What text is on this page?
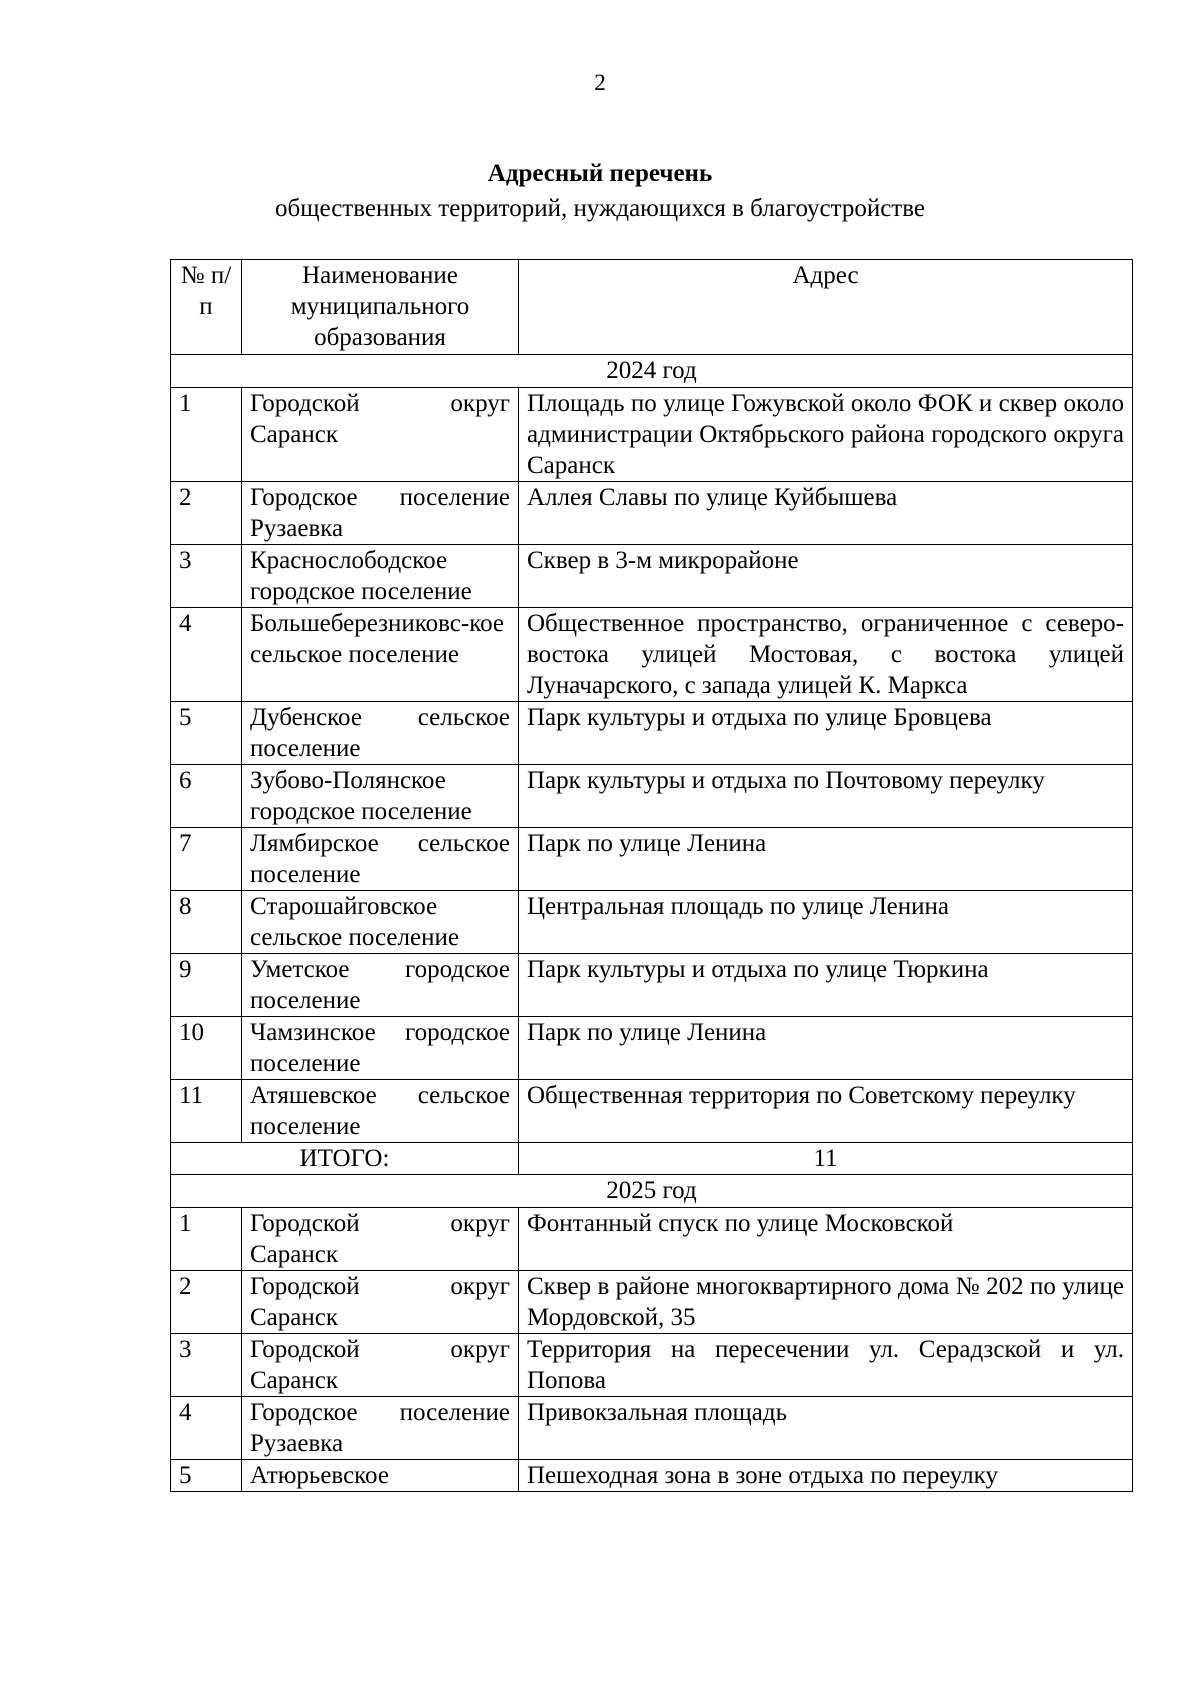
2
Адресный перечень
общественных территорий, нуждающихся в благоустройстве
№ п/п	Наименование муниципального образования	Адрес
2024 год		
1	Городской округ Саранск	Площадь по улице Гожувской около ФОК и сквер около администрации Октябрьского района городского округа Саранск
2	Городское поселение Рузаевка	Аллея Славы по улице Куйбышева
3	Краснослободское городское поселение	Сквер в 3-м микрорайоне
4	Большеберезниковс-кое сельское поселение	Общественное пространство, ограниченное с северо-востока улицей Мостовая, с востока улицей Луначарского, с запада улицей К. Маркса
5	Дубенское сельское поселение	Парк культуры и отдыха по улице Бровцева
6	Зубово-Полянское городское поселение	Парк культуры и отдыха по Почтовому переулку
7	Лямбирское сельское поселение	Парк по улице Ленина
8	Старошайговское сельское поселение	Центральная площадь по улице Ленина
9	Уметское городское поселение	Парк культуры и отдыха по улице Тюркина
10	Чамзинское городское поселение	Парк по улице Ленина
11	Атяшевское сельское поселение	Общественная территория по Советскому переулку
ИТОГО:		11
2025 год		
1	Городской округ Саранск	Фонтанный спуск по улице Московской
2	Городской округ Саранск	Сквер в районе многоквартирного дома № 202 по улице Мордовской, 35
3	Городской округ Саранск	Территория на пересечении ул. Серадзской и ул. Попова
4	Городское поселение Рузаевка	Привокзальная площадь
5	Атюрьевское	Пешеходная зона в зоне отдыха по переулку
